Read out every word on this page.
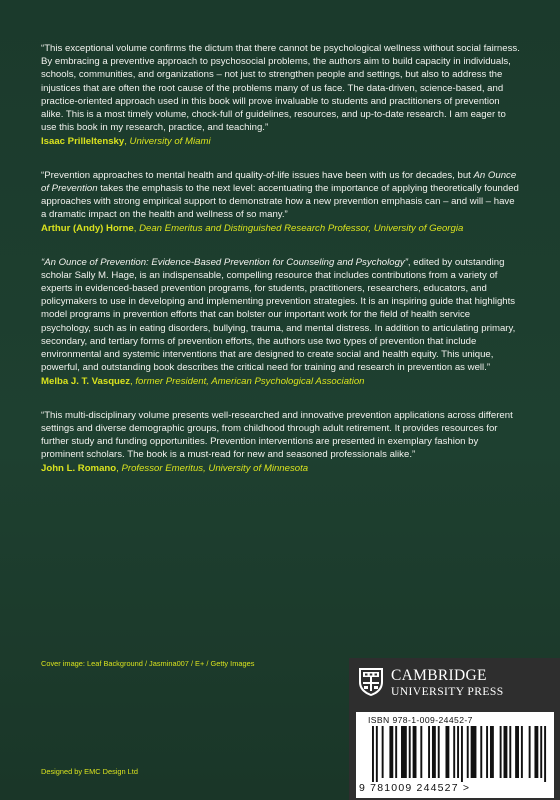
“This exceptional volume confirms the dictum that there cannot be psychological wellness without social fairness. By embracing a preventive approach to psychosocial problems, the authors aim to build capacity in individuals, schools, communities, and organizations – not just to strengthen people and settings, but also to address the injustices that are often the root cause of the problems many of us face. The data-driven, science-based, and practice-oriented approach used in this book will prove invaluable to students and practitioners of prevention alike. This is a most timely volume, chock-full of guidelines, resources, and up-to-date research. I am eager to use this book in my research, practice, and teaching.”

Isaac Prilleltensky, University of Miami

“Prevention approaches to mental health and quality-of-life issues have been with us for decades, but An Ounce of Prevention takes the emphasis to the next level: accentuating the importance of applying theoretically founded approaches with strong empirical support to demonstrate how a new prevention emphasis can – and will – have a dramatic impact on the health and wellness of so many.”

Arthur (Andy) Horne, Dean Emeritus and Distinguished Research Professor, University of Georgia

“An Ounce of Prevention: Evidence-Based Prevention for Counseling and Psychology”, edited by outstanding scholar Sally M. Hage, is an indispensable, compelling resource that includes contributions from a variety of experts in evidenced-based prevention programs, for students, practitioners, researchers, educators, and policymakers to use in developing and implementing prevention strategies. It is an inspiring guide that highlights model programs in prevention efforts that can bolster our important work for the field of health service psychology, such as in eating disorders, bullying, trauma, and mental distress. In addition to articulating primary, secondary, and tertiary forms of prevention efforts, the authors use two types of prevention that include environmental and systemic interventions that are designed to create social and health equity. This unique, powerful, and outstanding book describes the critical need for training and research in prevention as well.”

Melba J. T. Vasquez, former President, American Psychological Association

“This multi-disciplinary volume presents well-researched and innovative prevention applications across different settings and diverse demographic groups, from childhood through adult retirement. It provides resources for further study and funding opportunities. Prevention interventions are presented in exemplary fashion by prominent scholars. The book is a must-read for new and seasoned professionals alike.”

John L. Romano, Professor Emeritus, University of Minnesota

Cover image: Leaf Background / Jasmina007 / E+ / Getty Images
Designed by EMC Design Ltd
CAMBRIDGE
UNIVERSITY PRESS
ISBN 978-1-009-24452-7
9 781009 244527 >
